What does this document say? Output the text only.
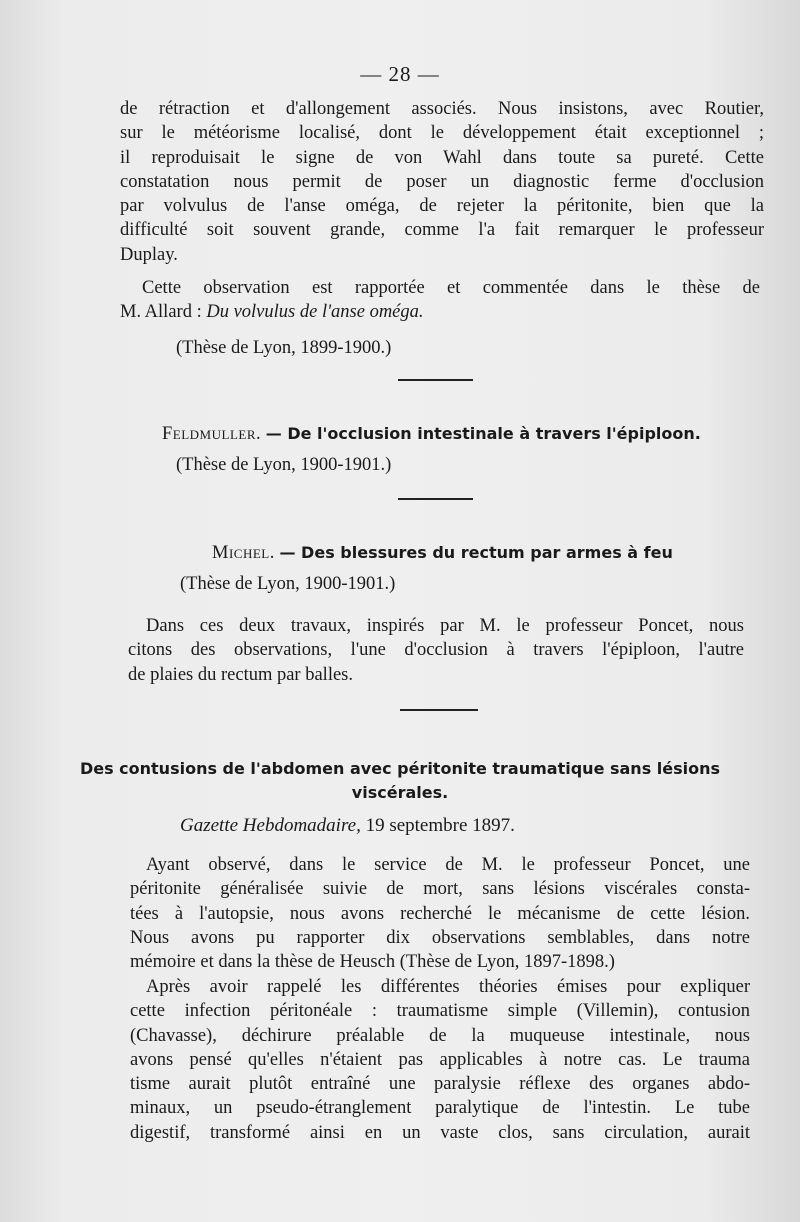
— 28 —
de rétraction et d'allongement associés. Nous insistons, avec Routier,
sur le météorisme localisé, dont le développement était exceptionnel ;
il reproduisait le signe de von Wahl dans toute sa pureté. Cette
constatation nous permit de poser un diagnostic ferme d'occlusion
par volvulus de l'anse oméga, de rejeter la péritonite, bien que la
difficulté soit souvent grande, comme l'a fait remarquer le professeur
Duplay.
Cette observation est rapportée et commentée dans le thèse de
M. Allard : Du volvulus de l'anse oméga.
(Thèse de Lyon, 1899-1900.)
Feldmuller. — De l'occlusion intestinale à travers l'épiploon.
(Thèse de Lyon, 1900-1901.)
Michel. — Des blessures du rectum par armes à feu
(Thèse de Lyon, 1900-1901.)
Dans ces deux travaux, inspirés par M. le professeur Poncet, nous
citons des observations, l'une d'occlusion à travers l'épiploon, l'autre
de plaies du rectum par balles.
Des contusions de l'abdomen avec péritonite traumatique sans lésions
viscérales.
Gazette Hebdomadaire, 19 septembre 1897.
Ayant observé, dans le service de M. le professeur Poncet, une
péritonite généralisée suivie de mort, sans lésions viscérales consta-
tées à l'autopsie, nous avons recherché le mécanisme de cette lésion.
Nous avons pu rapporter dix observations semblables, dans notre
mémoire et dans la thèse de Heusch (Thèse de Lyon, 1897-1898.)
Après avoir rappelé les différentes théories émises pour expliquer
cette infection péritonéale : traumatisme simple (Villemin), contusion
(Chavasse), déchirure préalable de la muqueuse intestinale, nous
avons pensé qu'elles n'étaient pas applicables à notre cas. Le trauma
tisme aurait plutôt entraîné une paralysie réflexe des organes abdo-
minaux, un pseudo-étranglement paralytique de l'intestin. Le tube
digestif, transformé ainsi en un vaste clos, sans circulation, aurait
